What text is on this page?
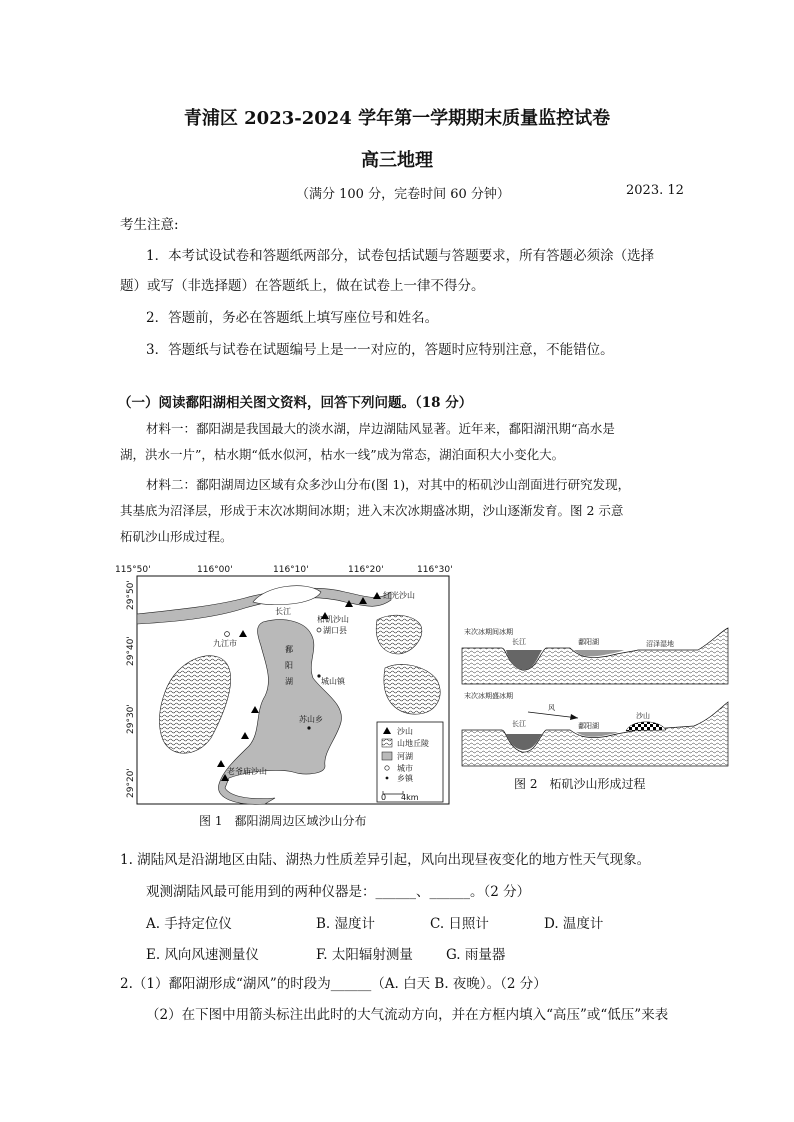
青浦区 2023-2024 学年第一学期期末质量监控试卷
高三地理
（满分 100 分，完卷时间 60 分钟）	2023. 12
考生注意:
1．本考试设试卷和答题纸两部分，试卷包括试题与答题要求，所有答题必须涂（选择
题）或写（非选择题）在答题纸上，做在试卷上一律不得分。
2．答题前，务必在答题纸上填写座位号和姓名。
3．答题纸与试卷在试题编号上是一一对应的，答题时应特别注意，不能错位。
（一）阅读鄱阳湖相关图文资料，回答下列问题。（18 分）
材料一：鄱阳湖是我国最大的淡水湖，岸边湖陆风显著。近年来，鄱阳湖汛期“高水是
湖，洪水一片”，枯水期“低水似河，枯水一线”成为常态，湖泊面积大小变化大。
材料二：鄱阳湖周边区域有众多沙山分布(图 1)，对其中的柘矶沙山剖面进行研究发现，
其基底为沼泽层，形成于末次冰期间冰期；进入末次冰期盛冰期，沙山逐渐发育。图 2 示意
柘矶沙山形成过程。
115°50'	116°00'	116°10'	116°20'	116°30'
29°50'
29°40'
29°30'
29°20'
红光沙山
长江
柘矶沙山
湖口县
九江市
鄱
阳
湖	城山镇
苏山乡
老爷庙沙山
沙山
山地丘陵
河湖
城市
乡镇
0 4km
图 1　鄱阳湖周边区域沙山分布
末次冰期间冰期
长江	鄱阳湖	沼泽湿地
末次冰期盛冰期
风
长江	鄱阳湖
沙山
图 2　柘矶沙山形成过程
1. 湖陆风是沿湖地区由陆、湖热力性质差异引起，风向出现昼夜变化的地方性天气现象。
观测湖陆风最可能用到的两种仪器是：______、______。（2 分）
A. 手持定位仪	B. 湿度计	C. 日照计	D. 温度计
E. 风向风速测量仪	F. 太阳辐射测量 G. 雨量器
2.（1）鄱阳湖形成“湖风”的时段为______（A. 白天 B. 夜晚）。（2 分）
（2）在下图中用箭头标注出此时的大气流动方向，并在方框内填入“高压”或“低压”来表
